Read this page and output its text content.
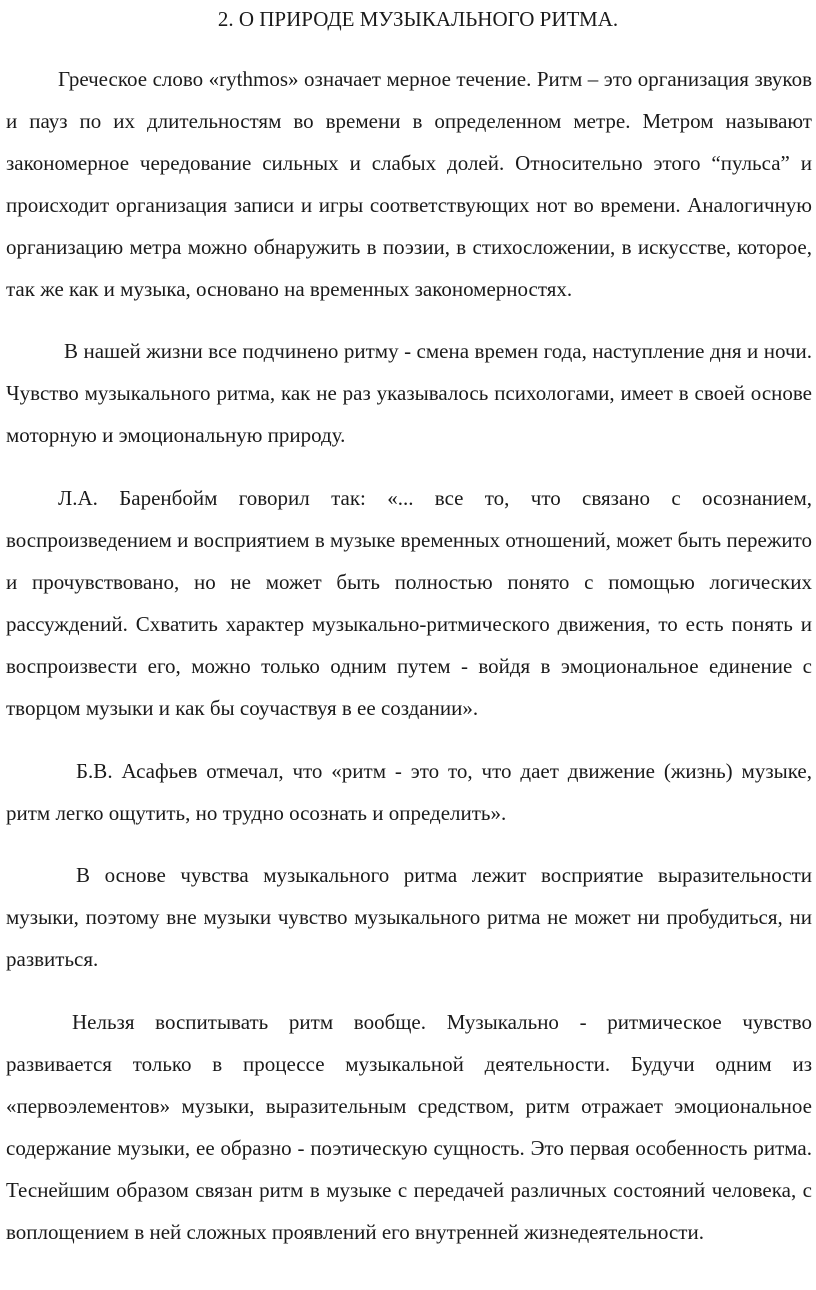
2. О ПРИРОДЕ МУЗЫКАЛЬНОГО РИТМА.

Греческое слово «rythmos» означает мерное течение. Ритм – это организация звуков и пауз по их длительностям во времени в определенном метре. Метром называют закономерное чередование сильных и слабых долей. Относительно этого “пульса” и происходит организация записи и игры соответствующих нот во времени. Аналогичную организацию метра можно обнаружить в поэзии, в стихосложении, в искусстве, которое, так же как и музыка, основано на временных закономерностях.

В нашей жизни все подчинено ритму - смена времен года, наступление дня и ночи. Чувство музыкального ритма, как не раз указывалось психологами, имеет в своей основе моторную и эмоциональную природу.

Л.А. Баренбойм говорил так: «... все то, что связано с осознанием, воспроизведением и восприятием в музыке временных отношений, может быть пережито и прочувствовано, но не может быть полностью понято с помощью логических рассуждений. Схватить характер музыкально-ритмического движения, то есть понять и воспроизвести его, можно только одним путем - войдя в эмоциональное единение с творцом музыки и как бы соучаствуя в ее создании».

Б.В. Асафьев отмечал, что «ритм - это то, что дает движение (жизнь) музыке, ритм легко ощутить, но трудно осознать и определить».

В основе чувства музыкального ритма лежит восприятие выразительности музыки, поэтому вне музыки чувство музыкального ритма не может ни пробудиться, ни развиться.

Нельзя воспитывать ритм вообще. Музыкально - ритмическое чувство развивается только в процессе музыкальной деятельности. Будучи одним из «первоэлементов» музыки, выразительным средством, ритм отражает эмоциональное содержание музыки, ее образно - поэтическую сущность. Это первая особенность ритма. Теснейшим образом связан ритм в музыке с передачей различных состояний человека, с воплощением в ней сложных проявлений его внутренней жизнедеятельности.
